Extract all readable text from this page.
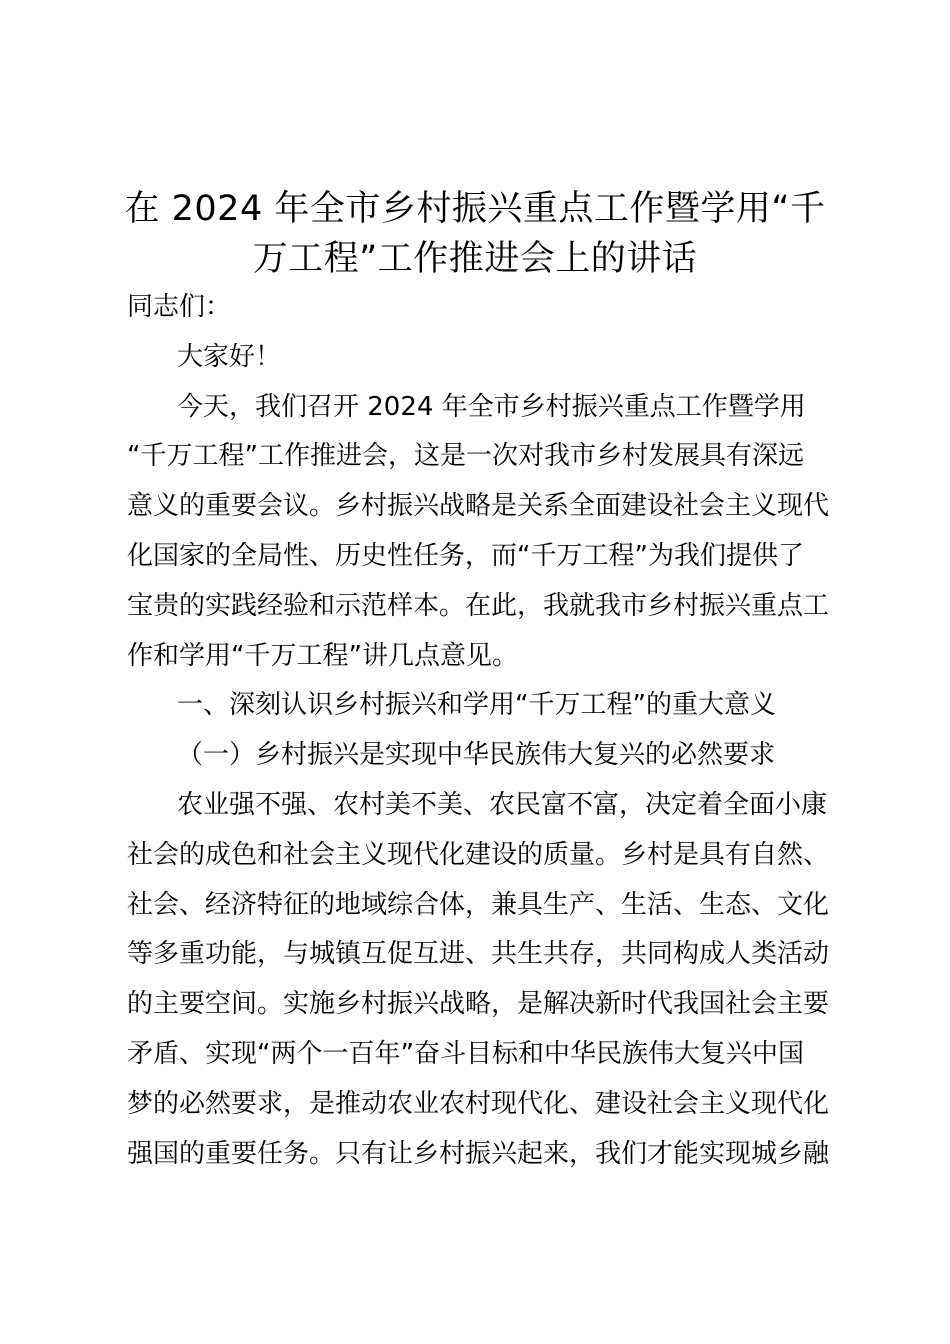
在 2024 年全市乡村振兴重点工作暨学用“千
万工程”工作推进会上的讲话
同志们：
大家好！
今天，我们召开 2024 年全市乡村振兴重点工作暨学用
“千万工程”工作推进会，这是一次对我市乡村发展具有深远
意义的重要会议。乡村振兴战略是关系全面建设社会主义现代
化国家的全局性、历史性任务，而“千万工程”为我们提供了
宝贵的实践经验和示范样本。在此，我就我市乡村振兴重点工
作和学用“千万工程”讲几点意见。
一、深刻认识乡村振兴和学用“千万工程”的重大意义
（一）乡村振兴是实现中华民族伟大复兴的必然要求
农业强不强、农村美不美、农民富不富，决定着全面小康
社会的成色和社会主义现代化建设的质量。乡村是具有自然、
社会、经济特征的地域综合体，兼具生产、生活、生态、文化
等多重功能，与城镇互促互进、共生共存，共同构成人类活动
的主要空间。实施乡村振兴战略，是解决新时代我国社会主要
矛盾、实现“两个一百年”奋斗目标和中华民族伟大复兴中国
梦的必然要求，是推动农业农村现代化、建设社会主义现代化
强国的重要任务。只有让乡村振兴起来，我们才能实现城乡融
